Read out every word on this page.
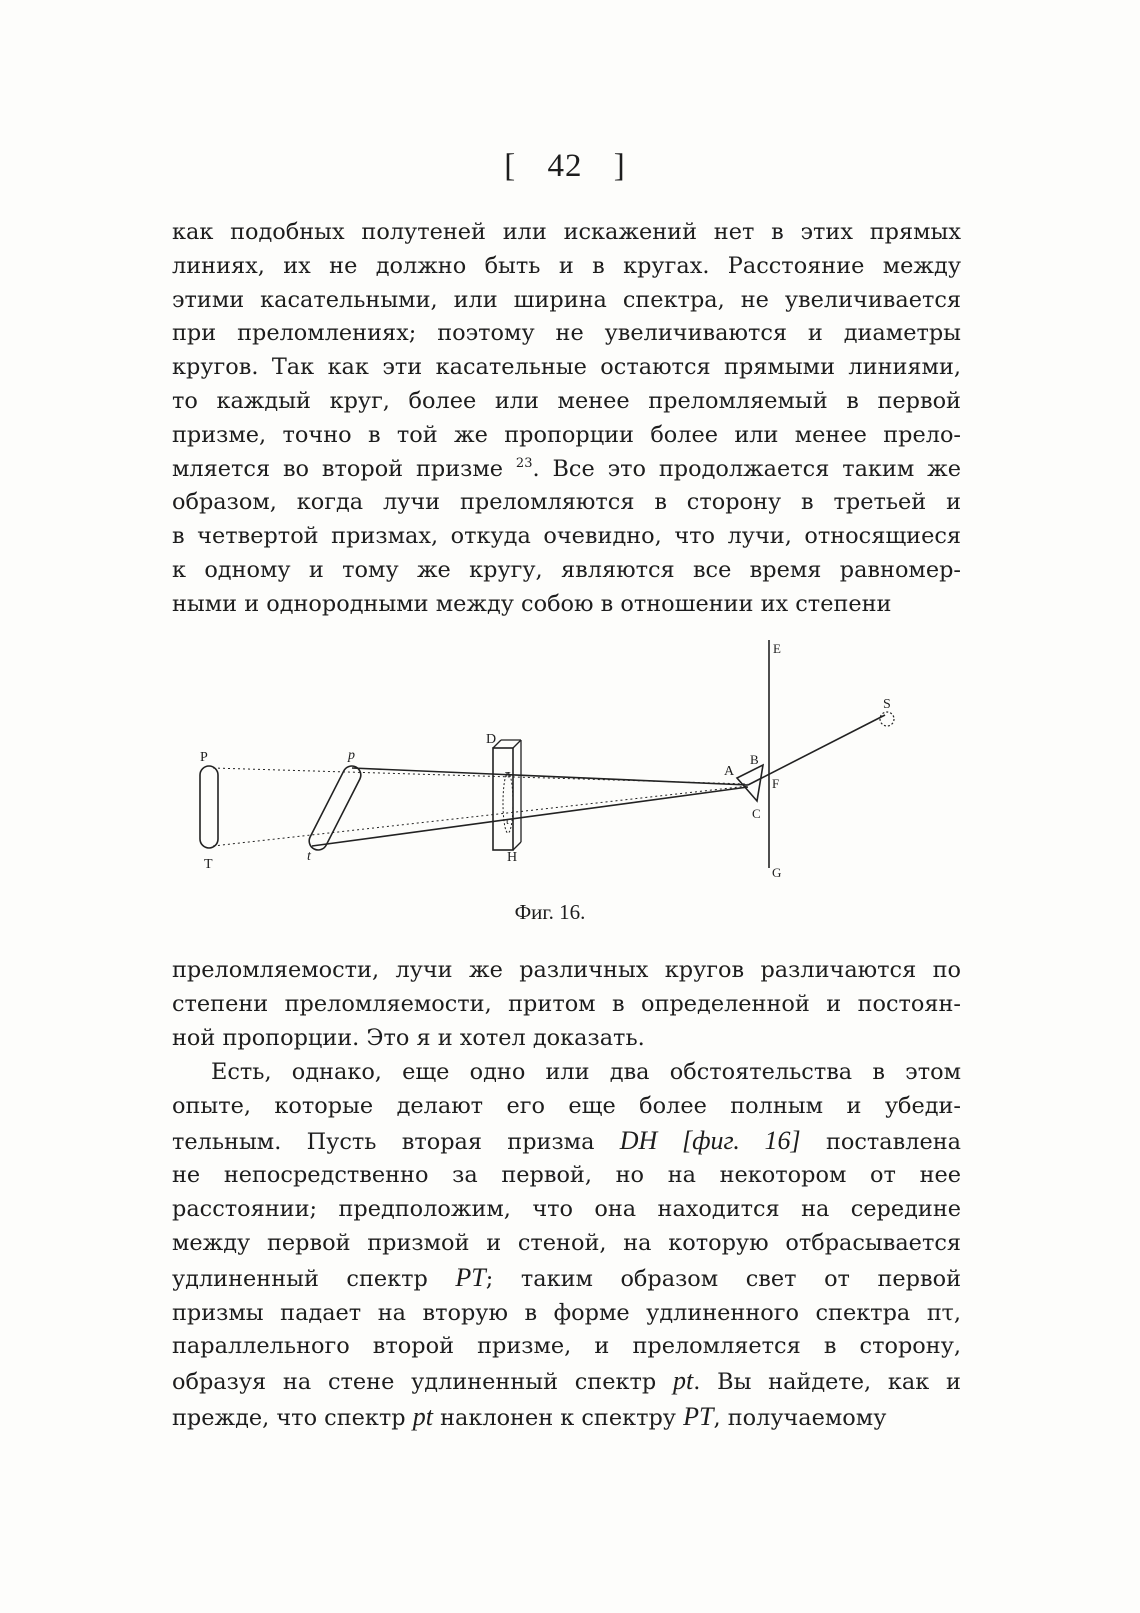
[ 42 ]

как подобных полутеней или искажений нет в этих прямых
линиях, их не должно быть и в кругах. Расстояние между
этими касательными, или ширина спектра, не увеличивается
при преломлениях; поэтому не увеличиваются и диаметры
кругов. Так как эти касательные остаются прямыми линиями,
то каждый круг, более или менее преломляемый в первой
призме, точно в той же пропорции более или менее прело-
мляется во второй призме $^{23}$. Все это продолжается таким же
образом, когда лучи преломляются в сторону в третьей и
в четвертой призмах, откуда очевидно, что лучи, относящиеся
к одному и тому же кругу, являются все время равномер-
ными и однородными между собою в отношении их степени

P
T
p
t
D
H
π
τ
A
B
C
F
E
G
S
Фиг. 16.

преломляемости, лучи же различных кругов различаются по
степени преломляемости, притом в определенной и постоян-
ной пропорции. Это я и хотел доказать.

Есть, однако, еще одно или два обстоятельства в этом
опыте, которые делают его еще более полным и убеди-
тельным. Пусть вторая призма DH [фиг. 16] поставлена
не непосредственно за первой, но на некотором от нее
расстоянии; предположим, что она находится на середине
между первой призмой и стеной, на которую отбрасывается
удлиненный спектр PT; таким образом свет от первой
призмы падает на вторую в форме удлиненного спектра πτ,
параллельного второй призме, и преломляется в сторону,
образуя на стене удлиненный спектр pt. Вы найдете, как и
прежде, что спектр pt наклонен к спектру PT, получаемому
